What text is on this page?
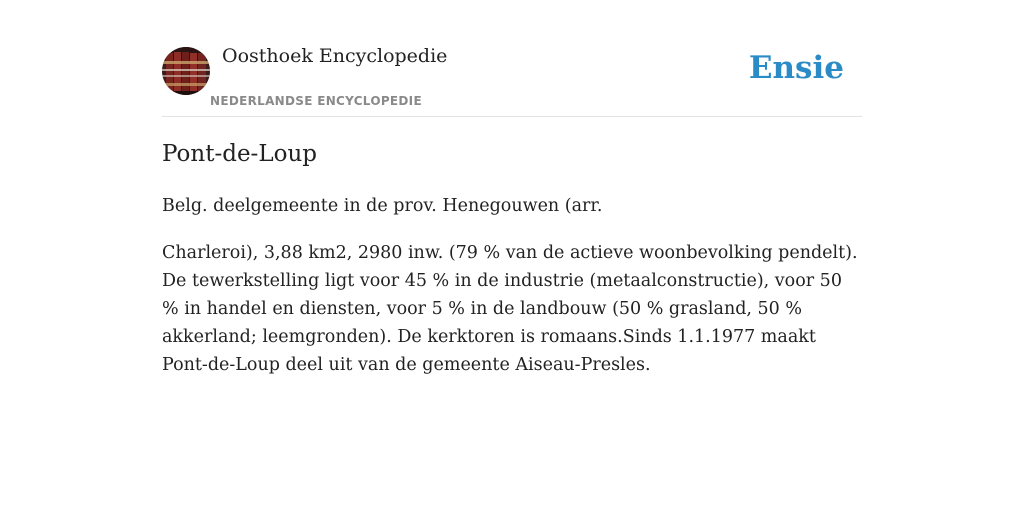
Oosthoek Encyclopedie
NEDERLANDSE ENCYCLOPEDIE
Ensie
Pont-de-Loup

Belg. deelgemeente in de prov. Henegouwen (arr.

Charleroi), 3,88 km2, 2980 inw. (79 % van de actieve woonbevolking pendelt). De tewerkstelling ligt voor 45 % in de industrie (metaalconstructie), voor 50 % in handel en diensten, voor 5 % in de landbouw (50 % grasland, 50 % akkerland; leemgronden). De kerktoren is romaans.Sinds 1.1.1977 maakt Pont-de-Loup deel uit van de gemeente Aiseau-Presles.
